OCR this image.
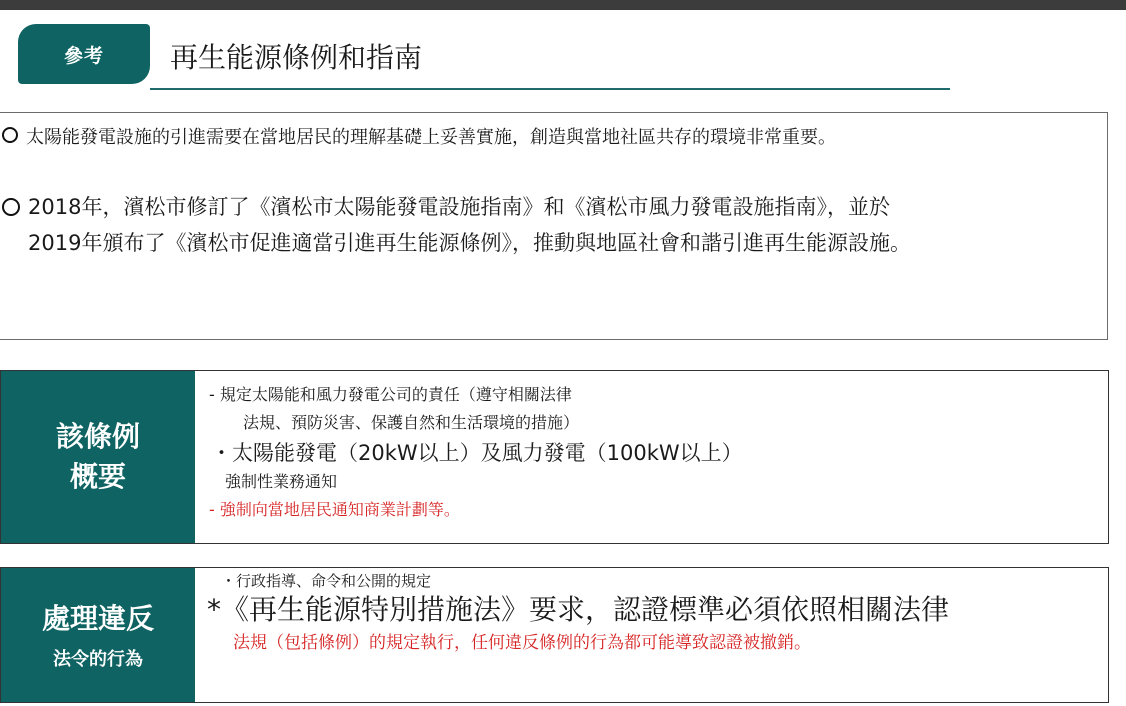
參考	再生能源條例和指南
太陽能發電設施的引進需要在當地居民的理解基礎上妥善實施，創造與當地社區共存的環境非常重要。
2018年，濱松市修訂了《濱松市太陽能發電設施指南》和《濱松市風力發電設施指南》，並於
2019年頒布了《濱松市促進適當引進再生能源條例》，推動與地區社會和諧引進再生能源設施。
該條例
概要
- 規定太陽能和風力發電公司的責任（遵守相關法律
法規、預防災害、保護自然和生活環境的措施）
・太陽能發電（20kW以上）及風力發電（100kW以上）
強制性業務通知
- 強制向當地居民通知商業計劃等。
處理違反
法令的行為
・行政指導、命令和公開的規定
*《再生能源特別措施法》要求，認證標準必須依照相關法律
法規（包括條例）的規定執行，任何違反條例的行為都可能導致認證被撤銷。
